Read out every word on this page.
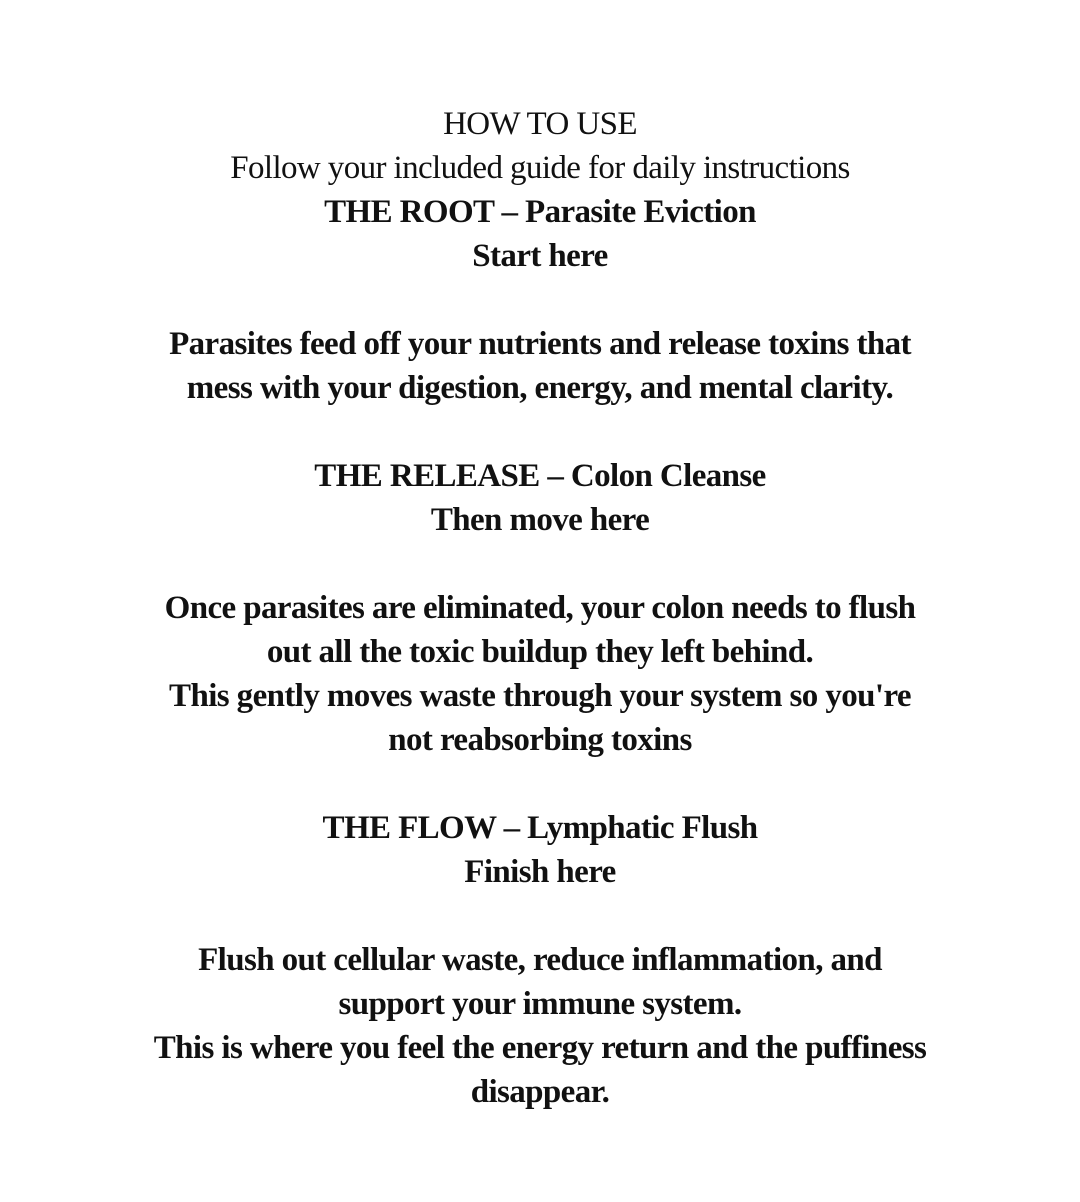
HOW TO USE
Follow your included guide for daily instructions
THE ROOT – Parasite Eviction
Start here
Parasites feed off your nutrients and release toxins that
mess with your digestion, energy, and mental clarity.
THE RELEASE – Colon Cleanse
Then move here
Once parasites are eliminated, your colon needs to flush
out all the toxic buildup they left behind.
This gently moves waste through your system so you're
not reabsorbing toxins
THE FLOW – Lymphatic Flush
Finish here
Flush out cellular waste, reduce inflammation, and
support your immune system.
This is where you feel the energy return and the puffiness
disappear.
